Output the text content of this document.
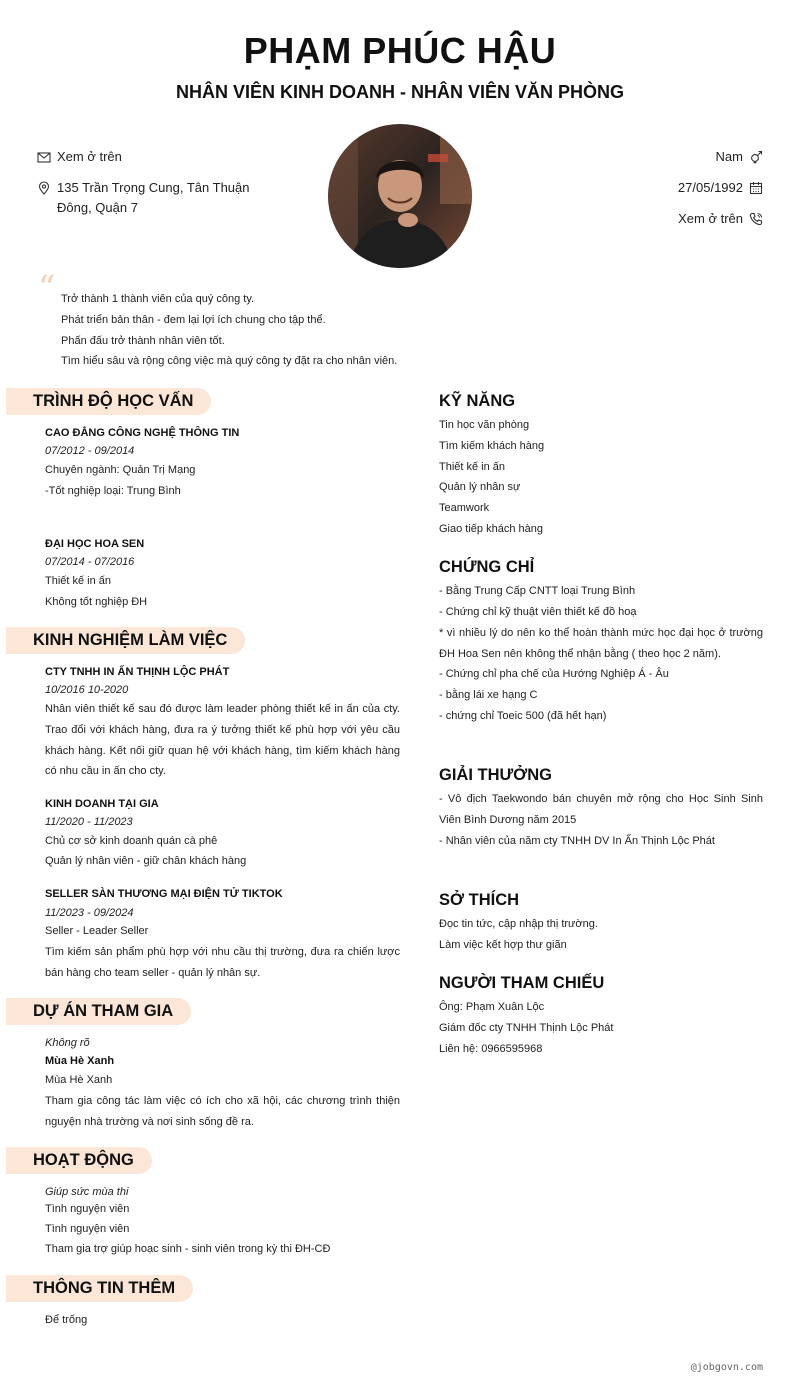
PHẠM PHÚC HẬU
NHÂN VIÊN KINH DOANH - NHÂN VIÊN VĂN PHÒNG
Xem ở trên
135 Trần Trọng Cung, Tân Thuận Đông, Quận 7
Nam
27/05/1992
Xem ở trên
“ Trở thành 1 thành viên của quý công ty.
Phát triển bản thân - đem lại lợi ích chung cho tập thể.
Phấn đấu trở thành nhân viên tốt.
Tìm hiểu sâu và rộng công việc mà quý công ty đặt ra cho nhân viên.
TRÌNH ĐỘ HỌC VẤN
CAO ĐẲNG CÔNG NGHỆ THÔNG TIN
07/2012 - 09/2014
Chuyên ngành: Quản Trị Mạng
-Tốt nghiệp loại: Trung Bình
ĐẠI HỌC HOA SEN
07/2014 - 07/2016
Thiết kế in ấn
Không tốt nghiệp ĐH
KINH NGHIỆM LÀM VIỆC
CTY TNHH IN ẤN THỊNH LỘC PHÁT
10/2016 10-2020
Nhân viên thiết kế sau đó được làm leader phòng thiết kế in ấn của cty. Trao đổi với khách hàng, đưa ra ý tưởng thiết kế phù hợp với yêu cầu khách hàng. Kết nối giữ quan hệ với khách hàng, tìm kiếm khách hàng có nhu cầu in ấn cho cty.
KINH DOANH TẠI GIA
11/2020 - 11/2023
Chủ cơ sở kinh doanh quán cà phê
Quản lý nhân viên - giữ chân khách hàng
SELLER SÀN THƯƠNG MẠI ĐIỆN TỬ TIKTOK
11/2023 - 09/2024
Seller - Leader Seller
Tìm kiếm sản phẩm phù hợp với nhu cầu thị trường, đưa ra chiến lược bán hàng cho team seller - quản lý nhân sự.
DỰ ÁN THAM GIA
Không rõ
Mùa Hè Xanh
Mùa Hè Xanh
Tham gia công tác làm việc có ích cho xã hội, các chương trình thiện nguyện nhà trường và nơi sinh sống đề ra.
HOẠT ĐỘNG
Giúp sức mùa thi
Tình nguyện viên
Tình nguyện viên
Tham gia trợ giúp hoạc sinh - sinh viên trong kỳ thi ĐH-CĐ
THÔNG TIN THÊM
Để trống
KỸ NĂNG
Tin học văn phòng
Tìm kiếm khách hàng
Thiết kế in ấn
Quản lý nhân sự
Teamwork
Giao tiếp khách hàng
CHỨNG CHỈ
- Bằng Trung Cấp CNTT loại Trung Bình
- Chứng chỉ kỹ thuật viên thiết kế đồ hoạ
* vì nhiều lý do nên ko thể hoàn thành mức học đại học ở trường ĐH Hoa Sen nên không thể nhận bằng ( theo học 2 năm).
- Chứng chỉ pha chế của Hướng Nghiệp Á - Âu
- bằng lái xe hạng C
- chứng chỉ Toeic 500 (đã hết hạn)
GIẢI THƯỞNG
- Vô địch Taekwondo bán chuyên mở rộng cho Học Sinh Sinh Viên Bình Dương năm 2015
- Nhân viên của năm cty TNHH DV In Ấn Thịnh Lộc Phát
SỞ THÍCH
Đọc tin tức, cập nhập thị trường.
Làm việc kết hợp thư giãn
NGƯỜI THAM CHIẾU
Ông: Phạm Xuân Lộc
Giám đốc cty TNHH Thịnh Lộc Phát
Liên hệ: 0966595968
@jobgovn.com
